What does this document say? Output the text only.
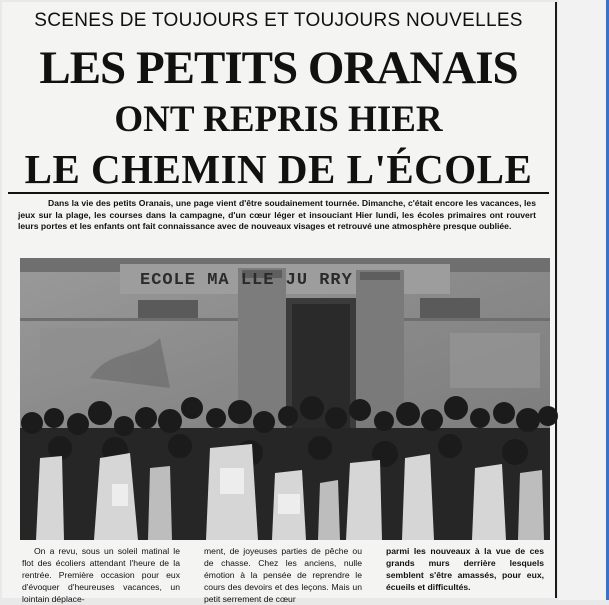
SCENES DE TOUJOURS ET TOUJOURS NOUVELLES
LES PETITS ORANAIS
ONT REPRIS HIER
LE CHEMIN DE L'ÉCOLE
Dans la vie des petits Oranais, une page vient d'être soudainement tournée. Dimanche, c'était encore les vacances, les jeux sur la plage, les courses dans la campagne, d'un cœur léger et insouciant Hier lundi, les écoles primaires ont rouvert leurs portes et les enfants ont fait connaissance avec de nouveaux visages et retrouvé une atmosphère presque oubliée.
ECOLE MA LLE JU RRY
On a revu, sous un soleil matinal le flot des écoliers attendant l'heure de la rentrée. Première occasion pour eux d'évoquer d'heureuses vacances, un lointain déplace-
ment, de joyeuses parties de pêche ou de chasse. Chez les anciens, nulle émotion à la pensée de reprendre le cours des devoirs et des leçons. Mais un petit serrement de cœur
parmi les nouveaux à la vue de ces grands murs derrière lesquels semblent s'être amassés, pour eux, écueils et difficultés.
